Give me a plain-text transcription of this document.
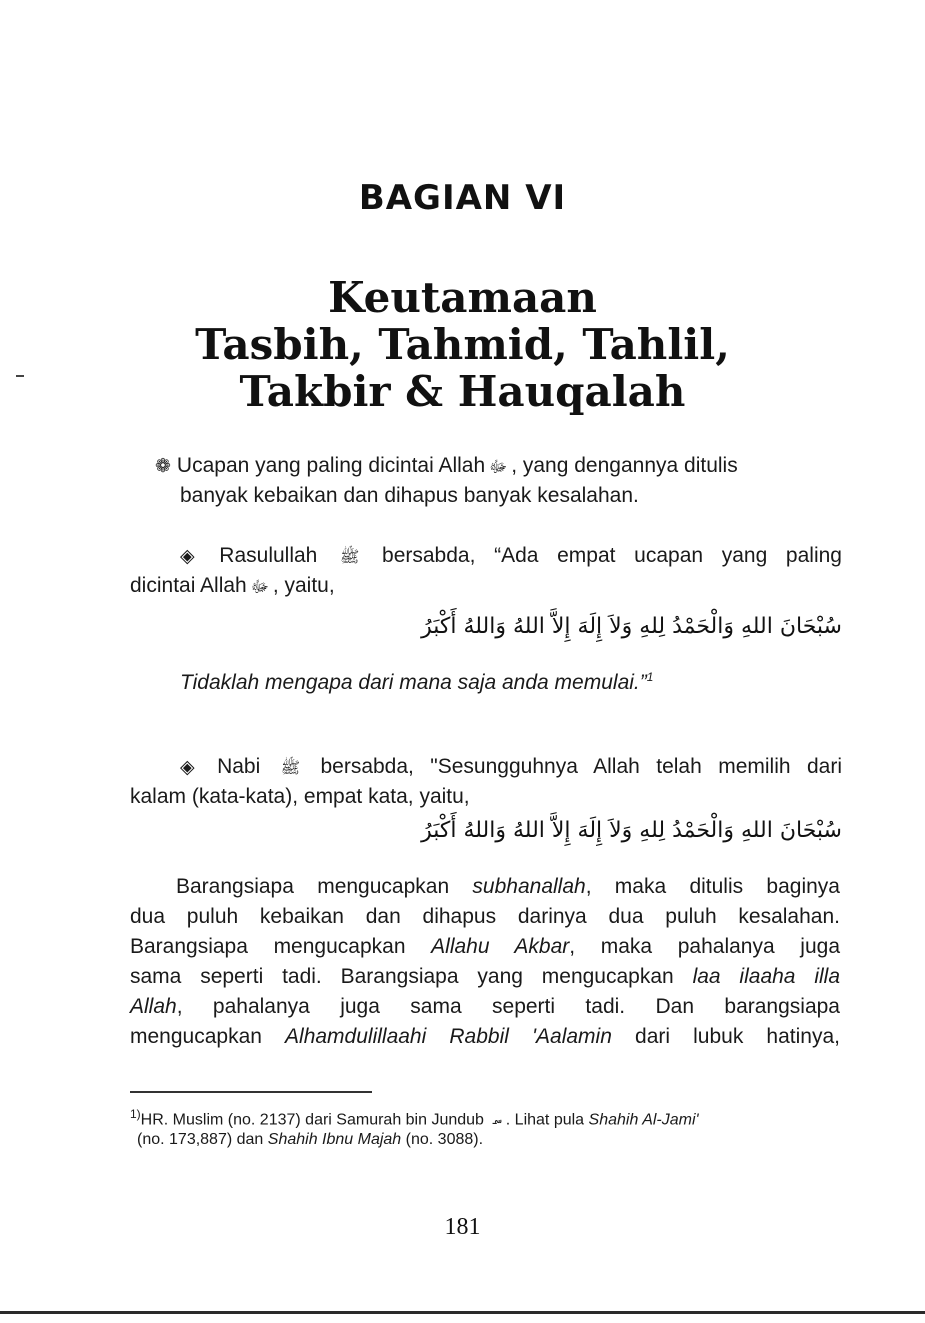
BAGIAN VI
Keutamaan
Tasbih, Tahmid, Tahlil,
Takbir & Hauqalah
❁ Ucapan yang paling dicintai Allah ﷻ , yang dengannya ditulis
banyak kebaikan dan dihapus banyak kesalahan.
◈ Rasulullah ﷺ bersabda, “Ada empat ucapan yang paling
dicintai Allah ﷻ , yaitu,
سُبْحَانَ اللهِ وَالْحَمْدُ لِلهِ وَلاَ إِلَهَ إِلاَّ اللهُ وَاللهُ أَكْبَرُ
Tidaklah mengapa dari mana saja anda memulai.”$^1$
◈ Nabi ﷺ bersabda, "Sesungguhnya Allah telah memilih dari
kalam (kata-kata), empat kata, yaitu,
سُبْحَانَ اللهِ وَالْحَمْدُ لِلهِ وَلاَ إِلَهَ إِلاَّ اللهُ وَاللهُ أَكْبَرُ
Barangsiapa mengucapkan subhanallah, maka ditulis baginya
dua puluh kebaikan dan dihapus darinya dua puluh kesalahan.
Barangsiapa mengucapkan Allahu Akbar, maka pahalanya juga
sama seperti tadi. Barangsiapa yang mengucapkan laa ilaaha illa
Allah, pahalanya juga sama seperti tadi. Dan barangsiapa
mengucapkan Alhamdulillaahi Rabbil 'Aalamin dari lubuk hatinya,
$^{1)}$HR. Muslim (no. 2137) dari Samurah bin Jundub ؄ . Lihat pula Shahih Al-Jami'
(no. 173,887) dan Shahih Ibnu Majah (no. 3088).
181
